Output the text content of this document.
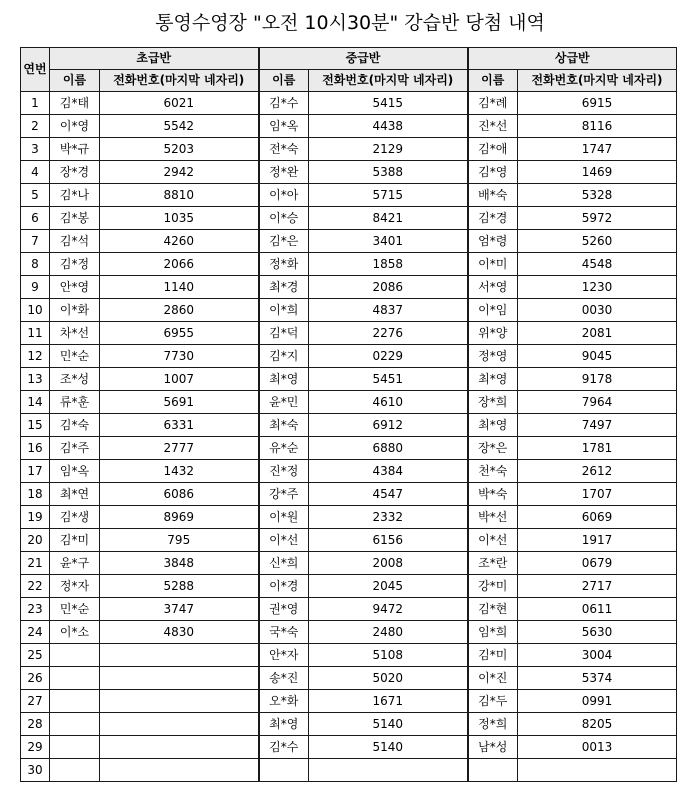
통영수영장 "오전 10시30분" 강습반 당첨 내역
연번	초급반		중급반		상급반	
	이름	전화번호(마지막 네자리)	이름	전화번호(마지막 네자리)	이름	전화번호(마지막 네자리)
1	김*태	6021	김*수	5415	김*례	6915
2	이*영	5542	임*옥	4438	진*선	8116
3	박*규	5203	전*숙	2129	김*애	1747
4	장*경	2942	정*완	5388	김*영	1469
5	김*나	8810	이*아	5715	배*숙	5328
6	김*봉	1035	이*승	8421	김*경	5972
7	김*석	4260	김*은	3401	엄*령	5260
8	김*정	2066	정*화	1858	이*미	4548
9	안*영	1140	최*경	2086	서*영	1230
10	이*화	2860	이*희	4837	이*임	0030
11	차*선	6955	김*덕	2276	위*양	2081
12	민*순	7730	김*지	0229	정*영	9045
13	조*성	1007	최*영	5451	최*영	9178
14	류*훈	5691	윤*민	4610	장*희	7964
15	김*숙	6331	최*숙	6912	최*영	7497
16	김*주	2777	유*순	6880	장*은	1781
17	임*옥	1432	진*정	4384	천*숙	2612
18	최*연	6086	강*주	4547	박*숙	1707
19	김*생	8969	이*원	2332	박*선	6069
20	김*미	795	이*선	6156	이*선	1917
21	윤*구	3848	신*희	2008	조*란	0679
22	정*자	5288	이*경	2045	강*미	2717
23	민*순	3747	권*영	9472	김*현	0611
24	이*소	4830	국*숙	2480	임*희	5630
25			안*자	5108	김*미	3004
26			송*진	5020	이*진	5374
27			오*화	1671	김*두	0991
28			최*영	5140	정*희	8205
29			김*수	5140	남*성	0013
30						
